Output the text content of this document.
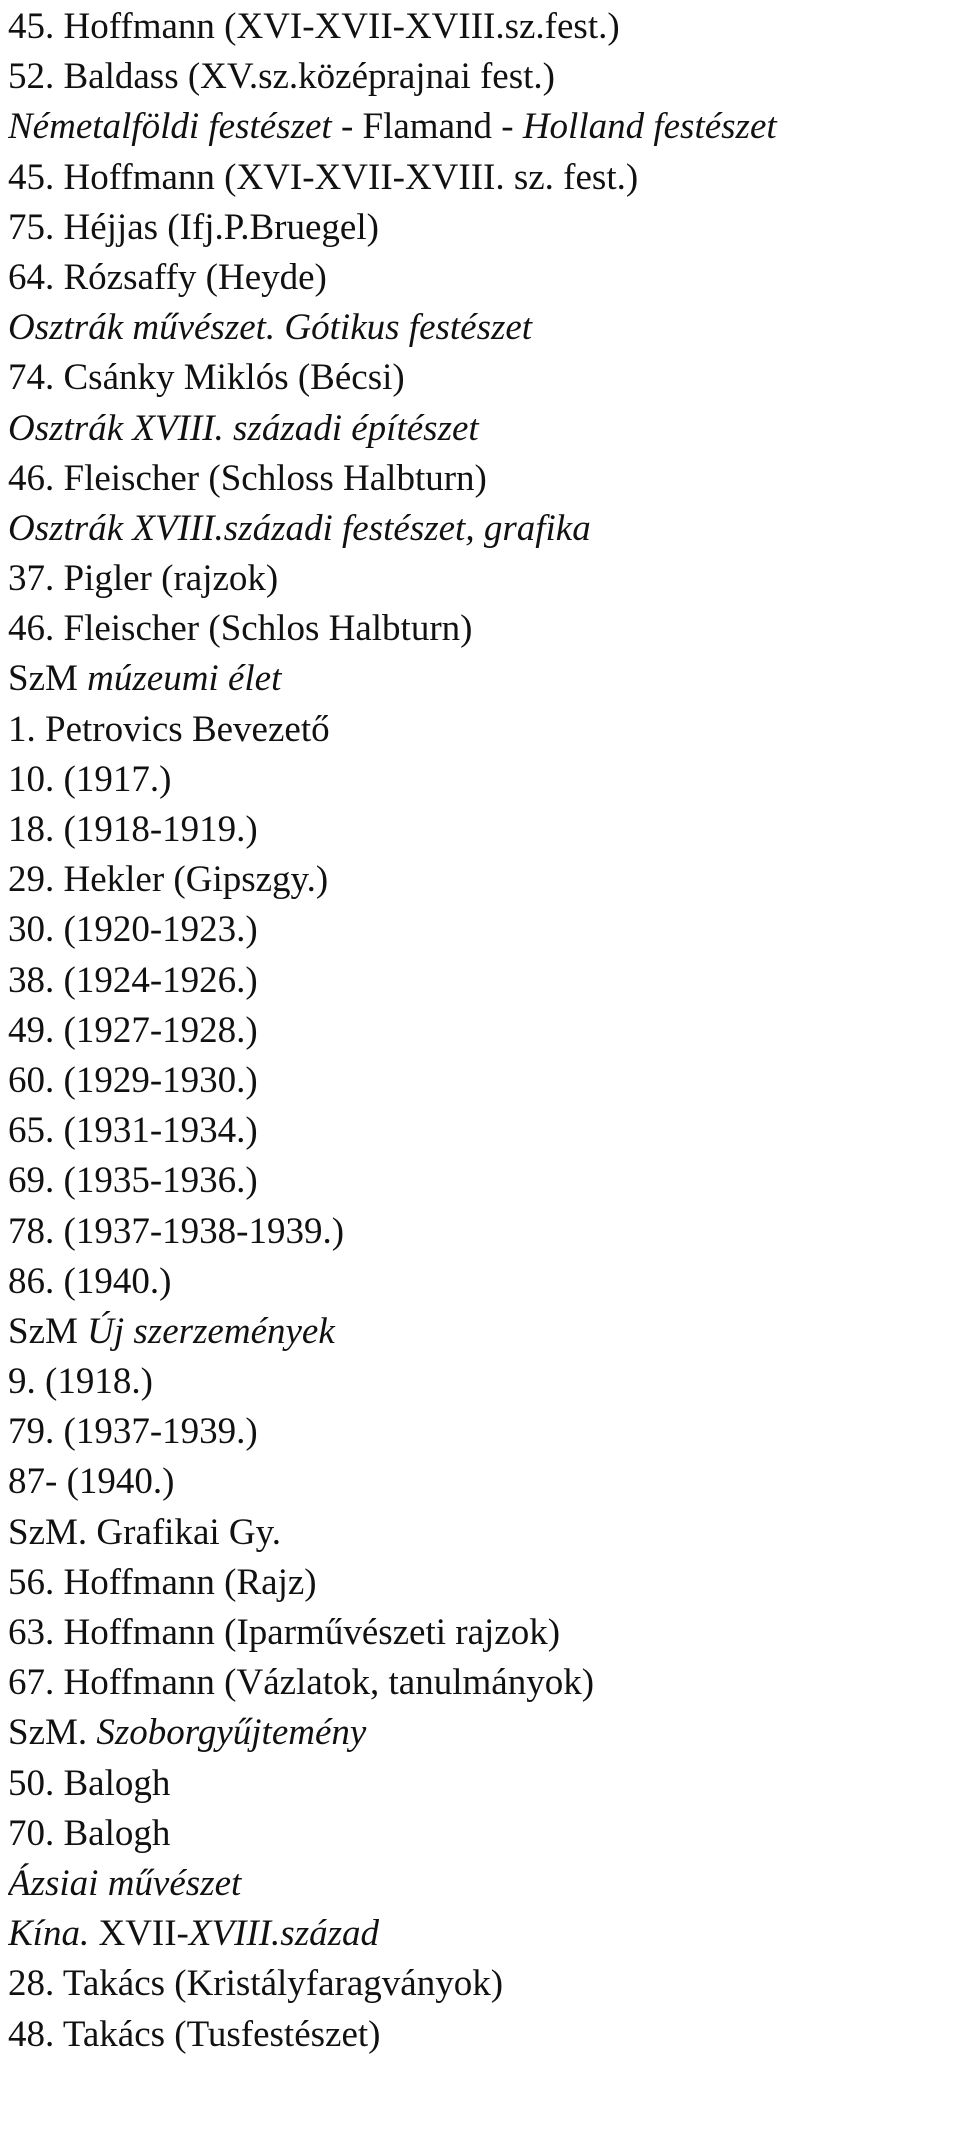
45. Hoffmann (XVI-XVII-XVIII.sz.fest.)
52. Baldass (XV.sz.középrajnai fest.)
Németalföldi festészet - Flamand - Holland festészet
45. Hoffmann (XVI-XVII-XVIII. sz. fest.)
75. Héjjas (Ifj.P.Bruegel)
64. Rózsaffy (Heyde)
Osztrák művészet. Gótikus festészet
74. Csánky Miklós (Bécsi)
Osztrák XVIII. századi építészet
46. Fleischer (Schloss Halbturn)
Osztrák XVIII.századi festészet, grafika
37. Pigler (rajzok)
46. Fleischer (Schlos Halbturn)
SzM múzeumi élet
1. Petrovics Bevezető
10. (1917.)
18. (1918-1919.)
29. Hekler (Gipszgy.)
30. (1920-1923.)
38. (1924-1926.)
49. (1927-1928.)
60. (1929-1930.)
65. (1931-1934.)
69. (1935-1936.)
78. (1937-1938-1939.)
86. (1940.)
SzM Új szerzemények
9. (1918.)
79. (1937-1939.)
87- (1940.)
SzM. Grafikai Gy.
56. Hoffmann (Rajz)
63. Hoffmann (Iparművészeti rajzok)
67. Hoffmann (Vázlatok, tanulmányok)
SzM. Szoborgyűjtemény
50. Balogh
70. Balogh
Ázsiai művészet
Kína. XVII-XVIII.század
28. Takács (Kristályfaragványok)
48. Takács (Tusfestészet)
